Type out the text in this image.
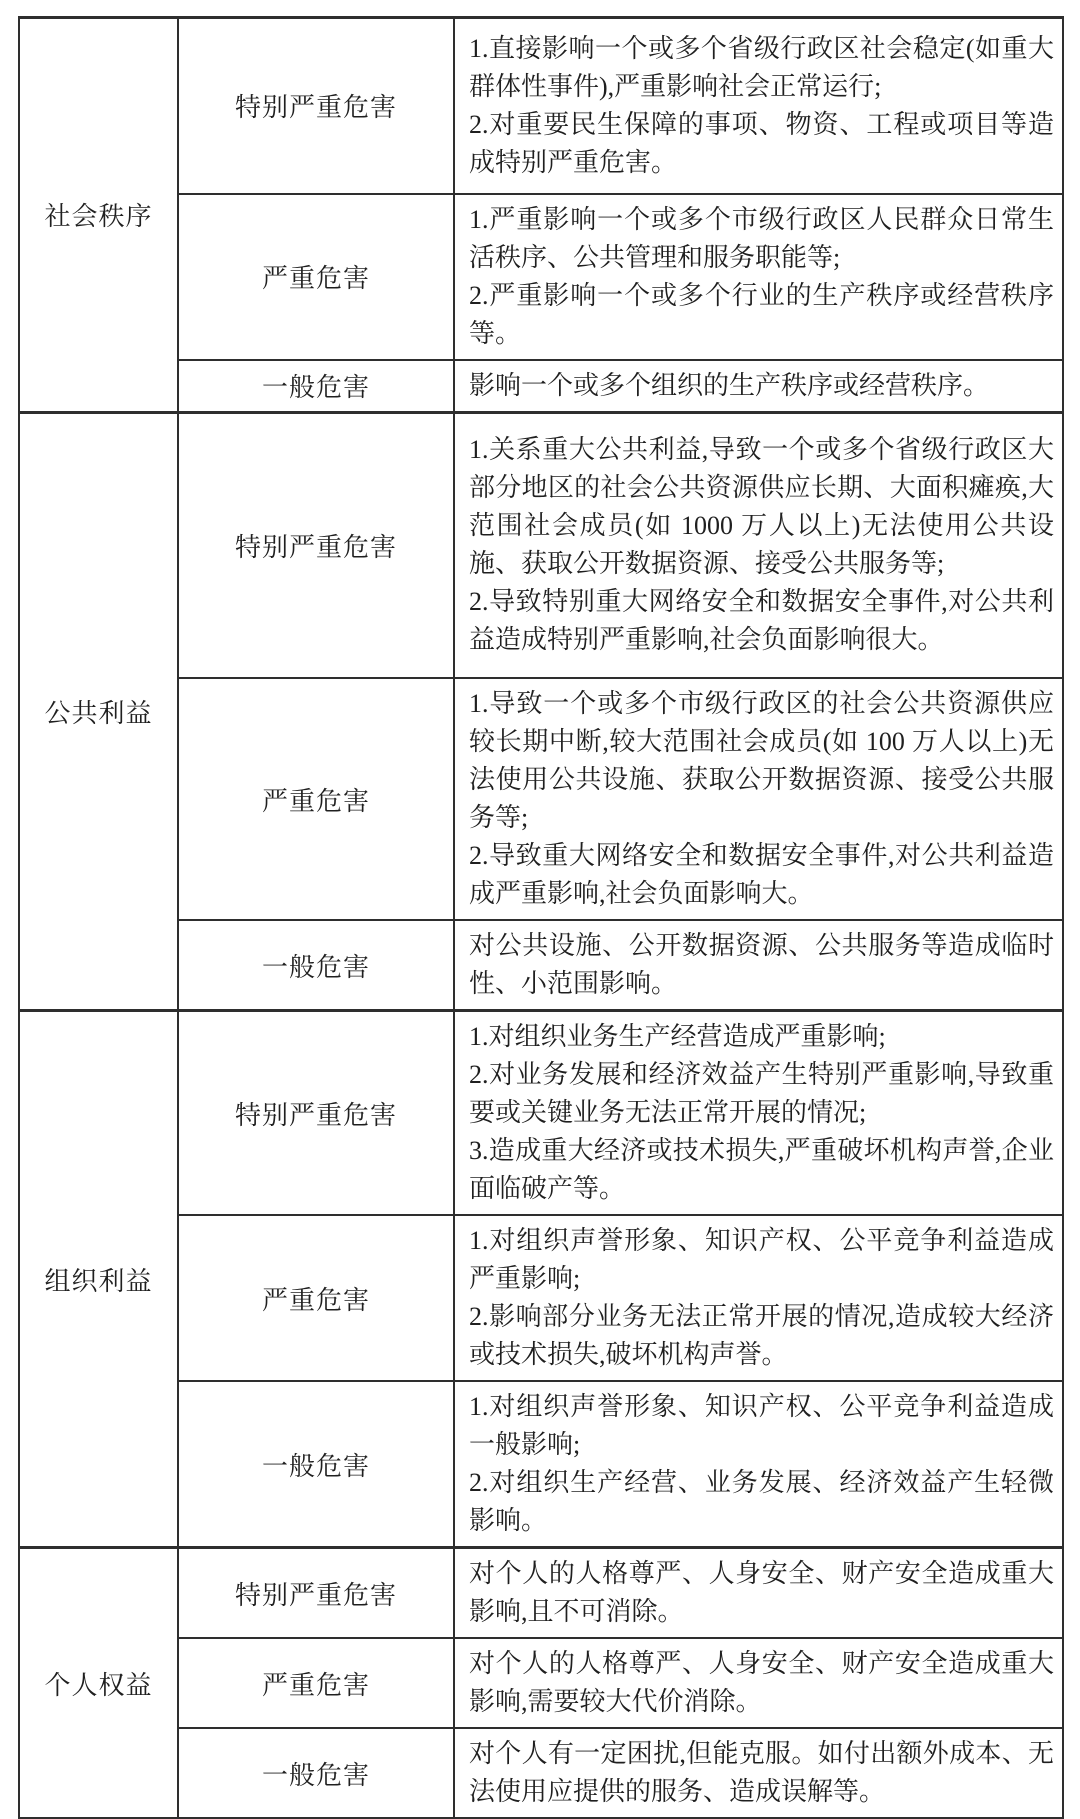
社会秩序	特别严重危害	1.直接影响一个或多个省级行政区社会稳定(如重大群体性事件),严重影响社会正常运行;
2.对重要民生保障的事项、物资、工程或项目等造成特别严重危害。

	严重危害	1.严重影响一个或多个市级行政区人民群众日常生活秩序、公共管理和服务职能等;
2.严重影响一个或多个行业的生产秩序或经营秩序等。

	一般危害	影响一个或多个组织的生产秩序或经营秩序。

公共利益	特别严重危害	1.关系重大公共利益,导致一个或多个省级行政区大部分地区的社会公共资源供应长期、大面积瘫痪,大范围社会成员(如 1000 万人以上)无法使用公共设施、获取公开数据资源、接受公共服务等;
2.导致特别重大网络安全和数据安全事件,对公共利益造成特别严重影响,社会负面影响很大。

	严重危害	1.导致一个或多个市级行政区的社会公共资源供应较长期中断,较大范围社会成员(如 100 万人以上)无法使用公共设施、获取公开数据资源、接受公共服务等;
2.导致重大网络安全和数据安全事件,对公共利益造成严重影响,社会负面影响大。

	一般危害	对公共设施、公开数据资源、公共服务等造成临时性、小范围影响。

组织利益	特别严重危害	1.对组织业务生产经营造成严重影响;
2.对业务发展和经济效益产生特别严重影响,导致重要或关键业务无法正常开展的情况;
3.造成重大经济或技术损失,严重破坏机构声誉,企业面临破产等。

	严重危害	1.对组织声誉形象、知识产权、公平竞争利益造成严重影响;
2.影响部分业务无法正常开展的情况,造成较大经济或技术损失,破坏机构声誉。

	一般危害	1.对组织声誉形象、知识产权、公平竞争利益造成一般影响;
2.对组织生产经营、业务发展、经济效益产生轻微影响。

个人权益	特别严重危害	对个人的人格尊严、人身安全、财产安全造成重大影响,且不可消除。

	严重危害	对个人的人格尊严、人身安全、财产安全造成重大影响,需要较大代价消除。

	一般危害	对个人有一定困扰,但能克服。如付出额外成本、无法使用应提供的服务、造成误解等。
